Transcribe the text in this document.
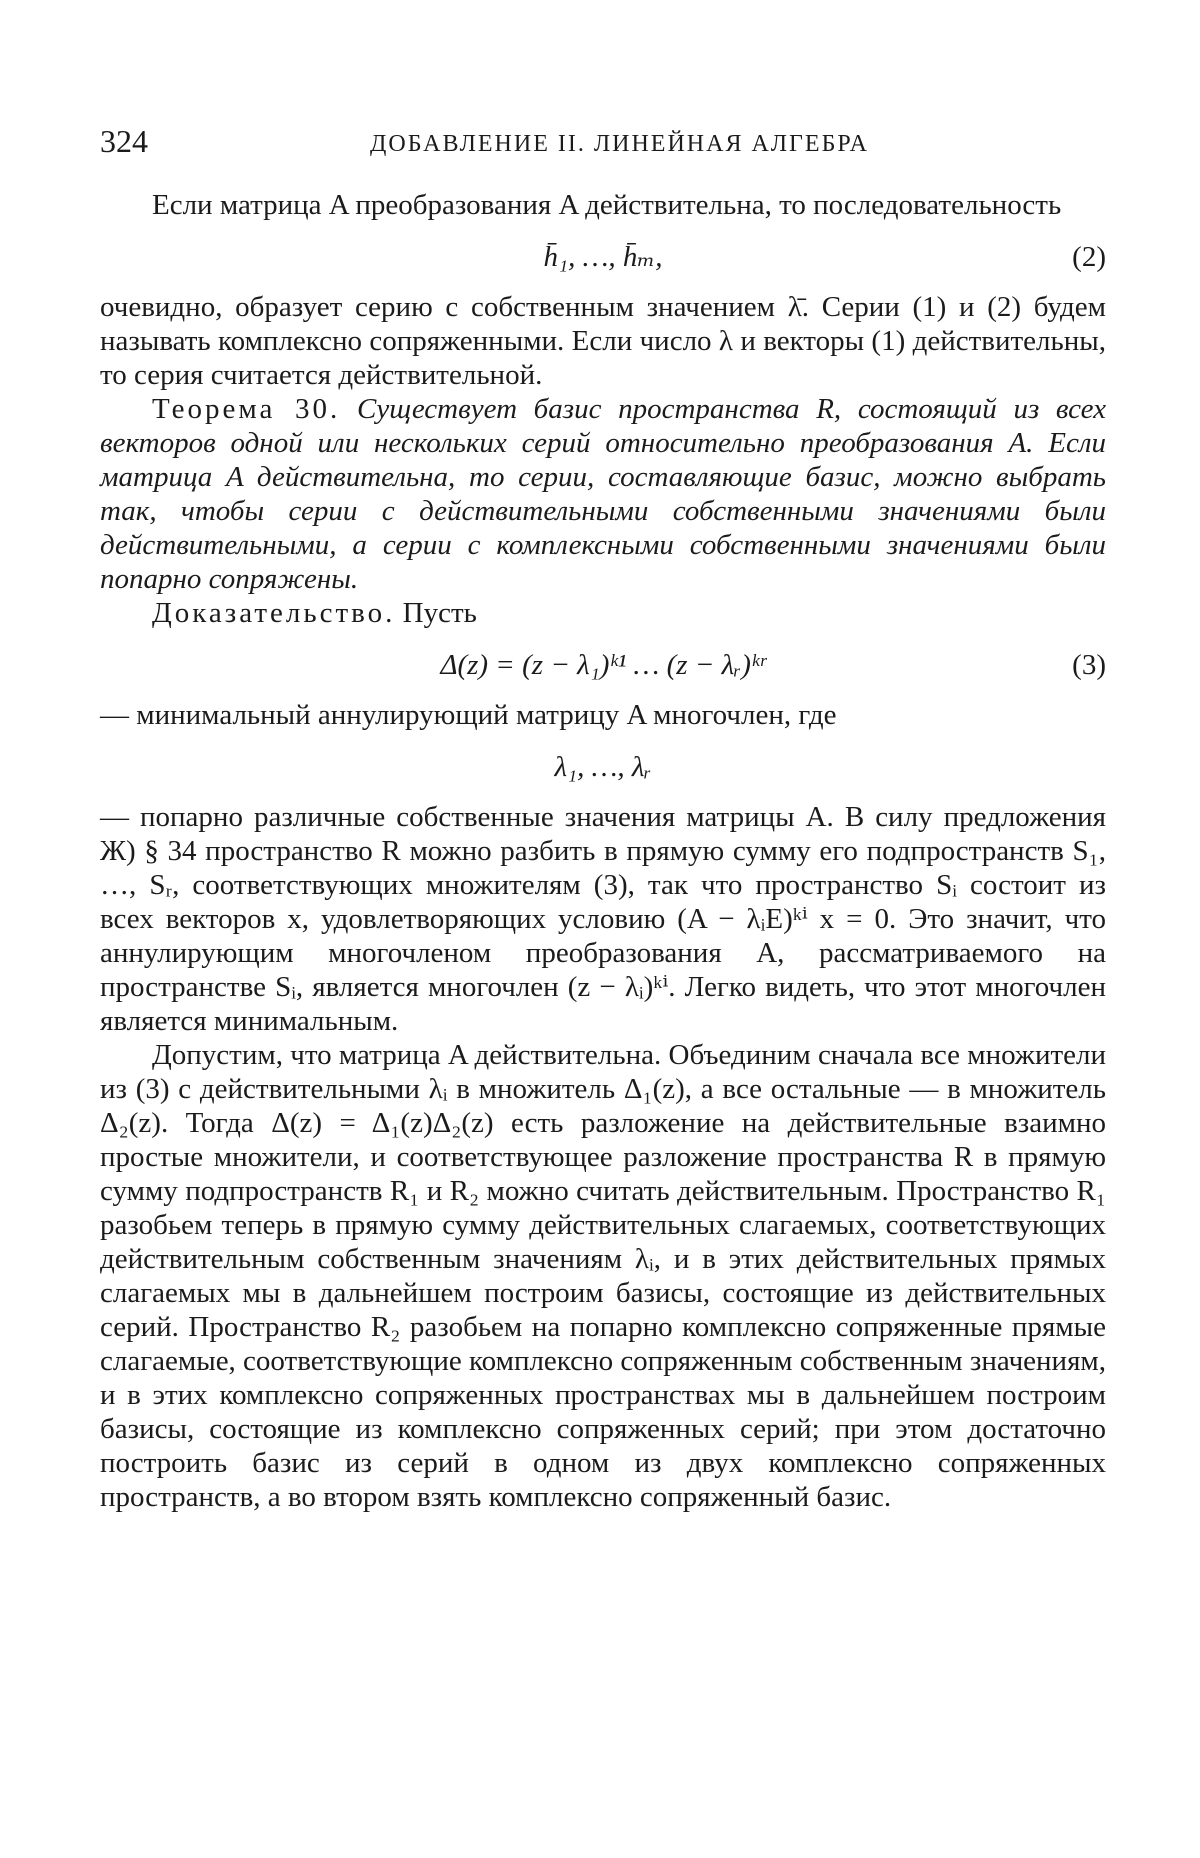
324	ДОБАВЛЕНИЕ II. ЛИНЕЙНАЯ АЛГЕБРА

Если матрица A преобразования A действительна, то последовательность

h̄₁, …, h̄ₘ,	(2)

очевидно, образует серию с собственным значением λ̄. Серии (1) и (2) будем называть комплексно сопряженными. Если число λ и векторы (1) действительны, то серия считается действительной.

Теорема 30. Существует базис пространства R, состоящий из всех векторов одной или нескольких серий относительно преобразования A. Если матрица A действительна, то серии, составляющие базис, можно выбрать так, чтобы серии с действительными собственными значениями были действительными, а серии с комплексными собственными значениями были попарно сопряжены.

Доказательство. Пусть

Δ(z) = (z − λ₁)ᵏ¹ … (z − λᵣ)ᵏʳ	(3)

— минимальный аннулирующий матрицу A многочлен, где

λ₁, …, λᵣ

— попарно различные собственные значения матрицы A. В силу предложения Ж) § 34 пространство R можно разбить в прямую сумму его подпространств S₁, …, Sᵣ, соответствующих множителям (3), так что пространство Sᵢ состоит из всех векторов x, удовлетворяющих условию (A − λᵢE)ᵏⁱ x = 0. Это значит, что аннулирующим многочленом преобразования A, рассматриваемого на пространстве Sᵢ, является многочлен (z − λᵢ)ᵏⁱ. Легко видеть, что этот многочлен является минимальным.

Допустим, что матрица A действительна. Объединим сначала все множители из (3) с действительными λᵢ в множитель Δ₁(z), а все остальные — в множитель Δ₂(z). Тогда Δ(z) = Δ₁(z)Δ₂(z) есть разложение на действительные взаимно простые множители, и соответствующее разложение пространства R в прямую сумму подпространств R₁ и R₂ можно считать действительным. Пространство R₁ разобьем теперь в прямую сумму действительных слагаемых, соответствующих действительным собственным значениям λᵢ, и в этих действительных прямых слагаемых мы в дальнейшем построим базисы, состоящие из действительных серий. Пространство R₂ разобьем на попарно комплексно сопряженные прямые слагаемые, соответствующие комплексно сопряженным собственным значениям, и в этих комплексно сопряженных пространствах мы в дальнейшем построим базисы, состоящие из комплексно сопряженных серий; при этом достаточно построить базис из серий в одном из двух комплексно сопряженных пространств, а во втором взять комплексно сопряженный базис.
